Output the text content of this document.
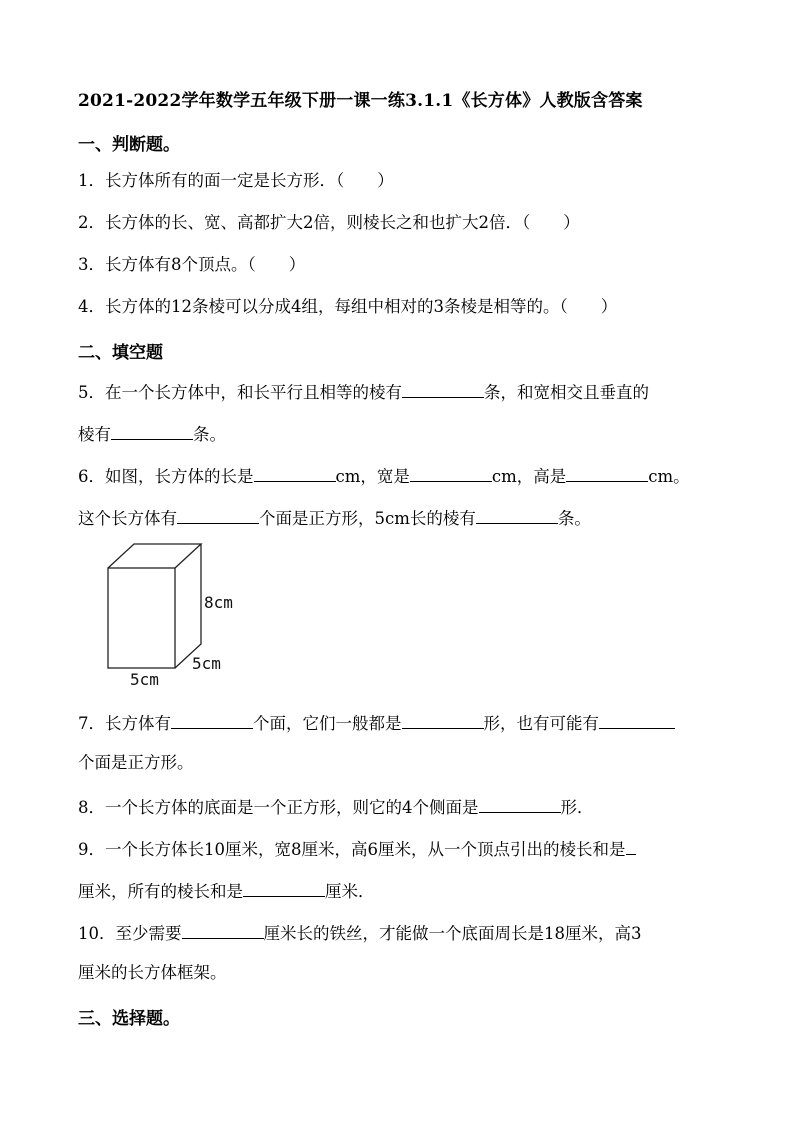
2021-2022学年数学五年级下册一课一练3.1.1《长方体》人教版含答案
一、判断题。
1．长方体所有的面一定是长方形．（　　）
2．长方体的长、宽、高都扩大2倍，则棱长之和也扩大2倍．（　　）
3．长方体有8个顶点。（　　）
4．长方体的12条棱可以分成4组，每组中相对的3条棱是相等的。（　　）
二、填空题
5．在一个长方体中，和长平行且相等的棱有	条，和宽相交且垂直的
棱有	条。
6．如图，长方体的长是	cm，宽是	cm，高是	cm。
这个长方体有	个面是正方形，5cm长的棱有	条。
8cm
5cm
5cm
7．长方体有	个面，它们一般都是	形，也有可能有
个面是正方形。
8．一个长方体的底面是一个正方形，则它的4个侧面是	形．
9．一个长方体长10厘米，宽8厘米，高6厘米，从一个顶点引出的棱长和是
厘米，所有的棱长和是	厘米．
10．至少需要	厘米长的铁丝，才能做一个底面周长是18厘米，高3
厘米的长方体框架。
三、选择题。
